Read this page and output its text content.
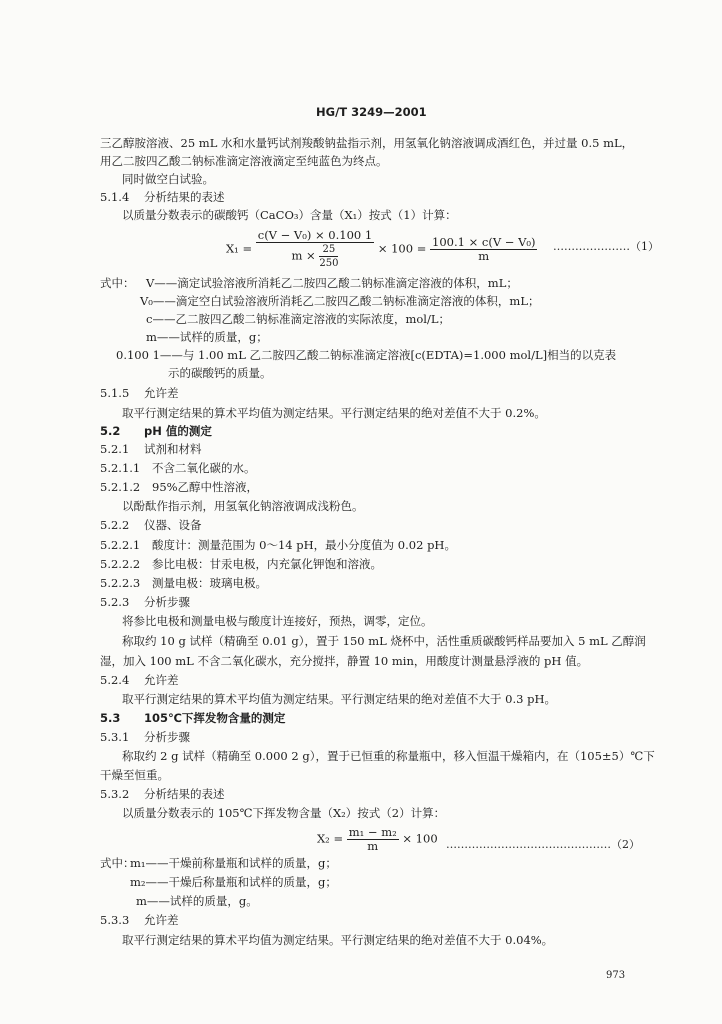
HG/T 3249—2001
三乙醇胺溶液、25 mL 水和水量钙试剂羧酸钠盐指示剂，用氢氧化钠溶液调成酒红色，并过量 0.5 mL，
用乙二胺四乙酸二钠标准滴定溶液滴定至纯蓝色为终点。
同时做空白试验。
5.1.4 分析结果的表述
以质量分数表示的碳酸钙（CaCO₃）含量（X₁）按式（1）计算：
$X_1 = \frac{\text{c(V − V₀) × 0.100 1}}{m \times \frac{25}{250}} \times 100 = \frac{\text{100.1 × c(V − V₀)}}{m}$ …………………（1）
式中： V——滴定试验溶液所消耗乙二胺四乙酸二钠标准滴定溶液的体积，mL；
V₀——滴定空白试验溶液所消耗乙二胺四乙酸二钠标准滴定溶液的体积，mL；
c——乙二胺四乙酸二钠标准滴定溶液的实际浓度，mol/L；
m——试样的质量，g；
0.100 1——与 1.00 mL 乙二胺四乙酸二钠标准滴定溶液[c(EDTA)=1.000 mol/L]相当的以克表
示的碳酸钙的质量。
5.1.5 允许差
取平行测定结果的算术平均值为测定结果。平行测定结果的绝对差值不大于 0.2%。
5.2 pH 值的测定
5.2.1 试剂和材料
5.2.1.1 不含二氧化碳的水。
5.2.1.2 95%乙醇中性溶液，
以酚酞作指示剂，用氢氧化钠溶液调成浅粉色。
5.2.2 仪器、设备
5.2.2.1 酸度计：测量范围为 0～14 pH，最小分度值为 0.02 pH。
5.2.2.2 参比电极：甘汞电极，内充氯化钾饱和溶液。
5.2.2.3 测量电极：玻璃电极。
5.2.3 分析步骤
将参比电极和测量电极与酸度计连接好，预热，调零，定位。
称取约 10 g 试样（精确至 0.01 g），置于 150 mL 烧杯中，活性重质碳酸钙样品要加入 5 mL 乙醇润
湿，加入 100 mL 不含二氧化碳水，充分搅拌，静置 10 min，用酸度计测量悬浮液的 pH 值。
5.2.4 允许差
取平行测定结果的算术平均值为测定结果。平行测定结果的绝对差值不大于 0.3 pH。
5.3 105℃下挥发物含量的测定
5.3.1 分析步骤
称取约 2 g 试样（精确至 0.000 2 g），置于已恒重的称量瓶中，移入恒温干燥箱内，在（105±5）℃下
干燥至恒重。
5.3.2 分析结果的表述
以质量分数表示的 105℃下挥发物含量（X₂）按式（2）计算：
$X_2 = \frac{\text{m₁ − m₂}}{m} \times 100$ ………………………………………（2）
式中：
m₁——干燥前称量瓶和试样的质量，g；
m₂——干燥后称量瓶和试样的质量，g；
m——试样的质量，g。
5.3.3 允许差
取平行测定结果的算术平均值为测定结果。平行测定结果的绝对差值不大于 0.04%。
973
